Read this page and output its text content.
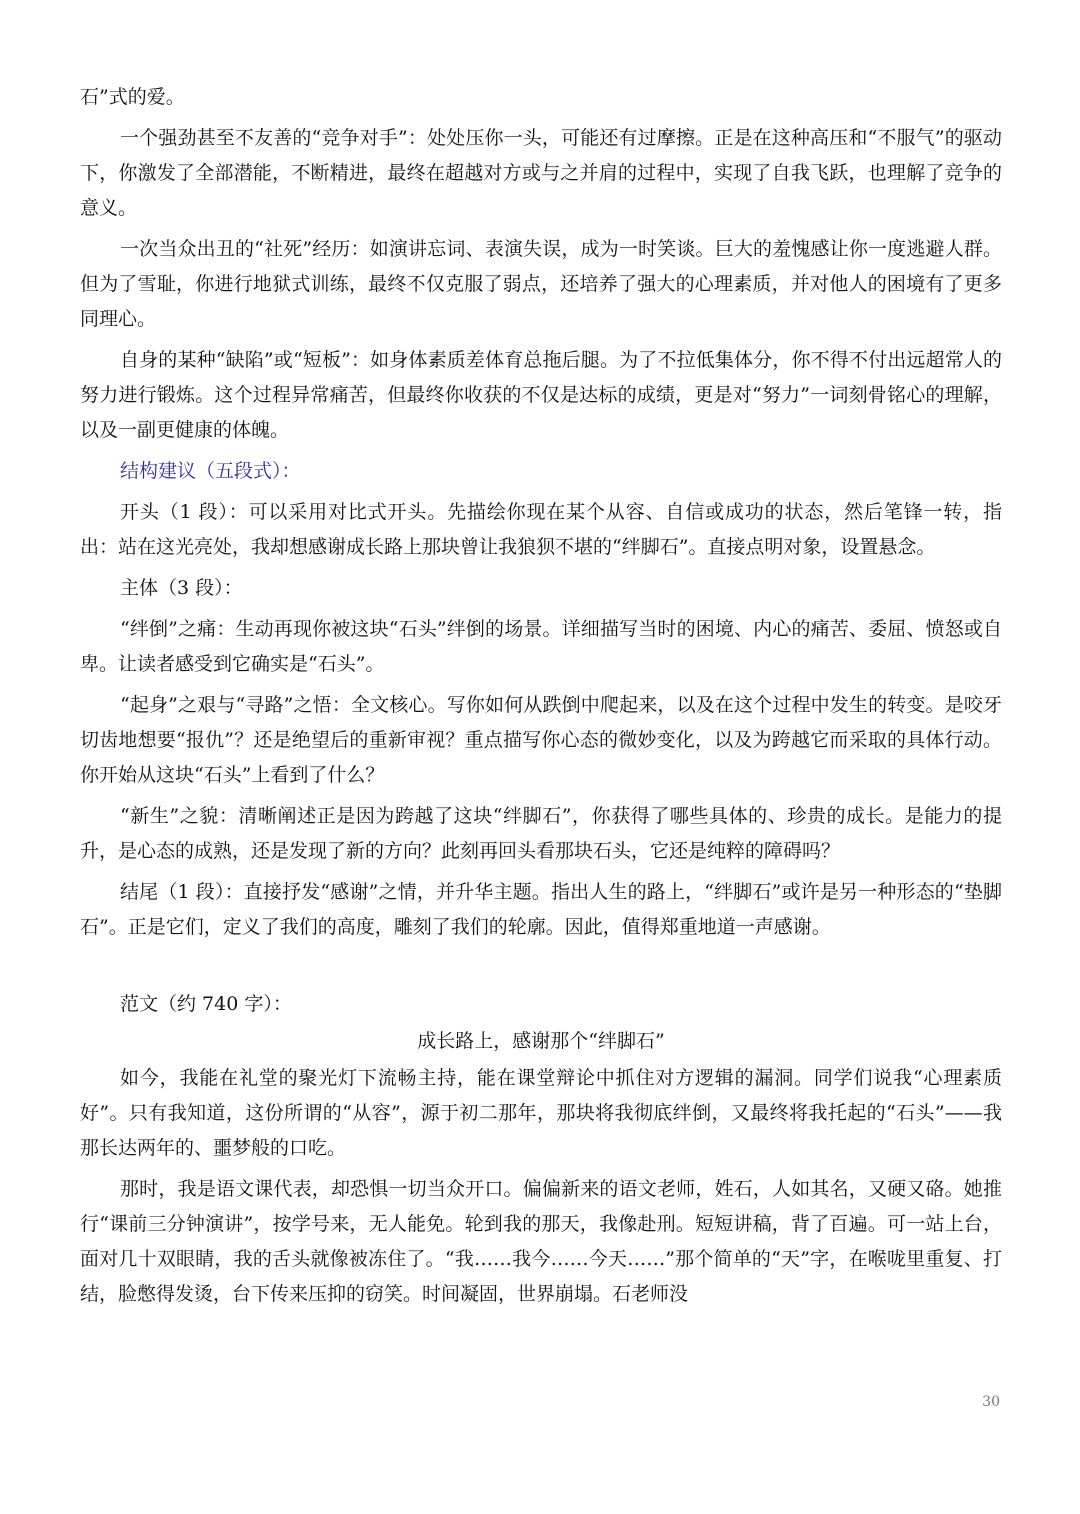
石”式的爱。

一个强劲甚至不友善的“竞争对手”：处处压你一头，可能还有过摩擦。正是在这种高压和“不服气”的驱动下，你激发了全部潜能，不断精进，最终在超越对方或与之并肩的过程中，实现了自我飞跃，也理解了竞争的意义。

一次当众出丑的“社死”经历：如演讲忘词、表演失误，成为一时笑谈。巨大的羞愧感让你一度逃避人群。但为了雪耻，你进行地狱式训练，最终不仅克服了弱点，还培养了强大的心理素质，并对他人的困境有了更多同理心。

自身的某种“缺陷”或“短板”：如身体素质差体育总拖后腿。为了不拉低集体分，你不得不付出远超常人的努力进行锻炼。这个过程异常痛苦，但最终你收获的不仅是达标的成绩，更是对“努力”一词刻骨铭心的理解，以及一副更健康的体魄。

结构建议（五段式）：

开头（1 段）：可以采用对比式开头。先描绘你现在某个从容、自信或成功的状态，然后笔锋一转，指出：站在这光亮处，我却想感谢成长路上那块曾让我狼狈不堪的“绊脚石”。直接点明对象，设置悬念。

主体（3 段）：

“绊倒”之痛：生动再现你被这块“石头”绊倒的场景。详细描写当时的困境、内心的痛苦、委屈、愤怒或自卑。让读者感受到它确实是“石头”。

“起身”之艰与“寻路”之悟：全文核心。写你如何从跌倒中爬起来，以及在这个过程中发生的转变。是咬牙切齿地想要“报仇”？还是绝望后的重新审视？重点描写你心态的微妙变化，以及为跨越它而采取的具体行动。你开始从这块“石头”上看到了什么？

“新生”之貌：清晰阐述正是因为跨越了这块“绊脚石”，你获得了哪些具体的、珍贵的成长。是能力的提升，是心态的成熟，还是发现了新的方向？此刻再回头看那块石头，它还是纯粹的障碍吗？

结尾（1 段）：直接抒发“感谢”之情，并升华主题。指出人生的路上，“绊脚石”或许是另一种形态的“垫脚石”。正是它们，定义了我们的高度，雕刻了我们的轮廓。因此，值得郑重地道一声感谢。

范文（约 740 字）：

成长路上，感谢那个“绊脚石”

如今，我能在礼堂的聚光灯下流畅主持，能在课堂辩论中抓住对方逻辑的漏洞。同学们说我“心理素质好”。只有我知道，这份所谓的“从容”，源于初二那年，那块将我彻底绊倒，又最终将我托起的“石头”——我那长达两年的、噩梦般的口吃。

那时，我是语文课代表，却恐惧一切当众开口。偏偏新来的语文老师，姓石，人如其名，又硬又硌。她推行“课前三分钟演讲”，按学号来，无人能免。轮到我的那天，我像赴刑。短短讲稿，背了百遍。可一站上台，面对几十双眼睛，我的舌头就像被冻住了。“我……我今……今天……”那个简单的“天”字，在喉咙里重复、打结，脸憋得发烫，台下传来压抑的窃笑。时间凝固，世界崩塌。石老师没

30
